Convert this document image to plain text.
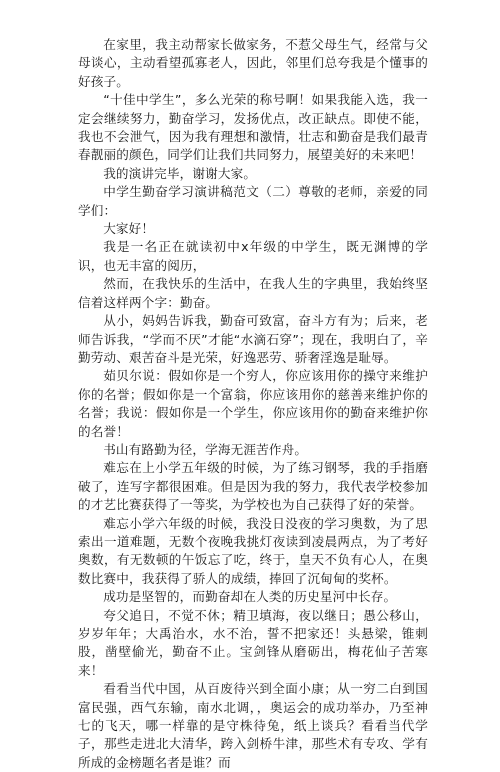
在家里，我主动帮家长做家务，不惹父母生气，经常与父母谈心，主动看望孤寡老人，因此，邻里们总夸我是个懂事的好孩子。

“十佳中学生”，多么光荣的称号啊！如果我能入选，我一定会继续努力，勤奋学习，发扬优点，改正缺点。即使不能，我也不会泄气，因为我有理想和激情，壮志和勤奋是我们最青春靓丽的颜色，同学们让我们共同努力，展望美好的未来吧！

我的演讲完毕，谢谢大家。

中学生勤奋学习演讲稿范文（二）尊敬的老师，亲爱的同学们：

大家好！

我是一名正在就读初中x年级的中学生，既无渊博的学识，也无丰富的阅历，

然而，在我快乐的生活中，在我人生的字典里，我始终坚信着这样两个字：勤奋。

从小，妈妈告诉我，勤奋可致富，奋斗方有为；后来，老师告诉我，“学而不厌”才能“水滴石穿”；现在，我明白了，辛勤劳动、艰苦奋斗是光荣，好逸恶劳、骄奢淫逸是耻辱。

茹贝尔说：假如你是一个穷人，你应该用你的操守来维护你的名誉；假如你是一个富翁，你应该用你的慈善来维护你的名誉；我说：假如你是一个学生，你应该用你的勤奋来维护你的名誉！

书山有路勤为径，学海无涯苦作舟。

难忘在上小学五年级的时候，为了练习钢琴，我的手指磨破了，连写字都很困难。但是因为我的努力，我代表学校参加的才艺比赛获得了一等奖，为学校也为自己获得了好的荣誉。

难忘小学六年级的时候，我没日没夜的学习奥数，为了思索出一道难题，无数个夜晚我挑灯夜读到凌晨两点，为了考好奥数，有无数顿的午饭忘了吃，终于，皇天不负有心人，在奥数比赛中，我获得了骄人的成绩，捧回了沉甸甸的奖杯。

成功是坚智的，而勤奋却在人类的历史星河中长存。

夸父追日，不觉不休；精卫填海，夜以继日；愚公移山，岁岁年年；大禹治水，水不治，誓不把家还！头悬梁，锥刺股，凿壁偷光，勤奋不止。宝剑锋从磨砺出，梅花仙子苦寒来！

看看当代中国，从百废待兴到全面小康；从一穷二白到国富民强，西气东输，南水北调，，奥运会的成功举办，乃至神七的飞天，哪一样靠的是守株待兔，纸上谈兵？看看当代学子，那些走进北大清华，跨入剑桥牛津，那些术有专攻、学有所成的金榜题名者是谁？而
